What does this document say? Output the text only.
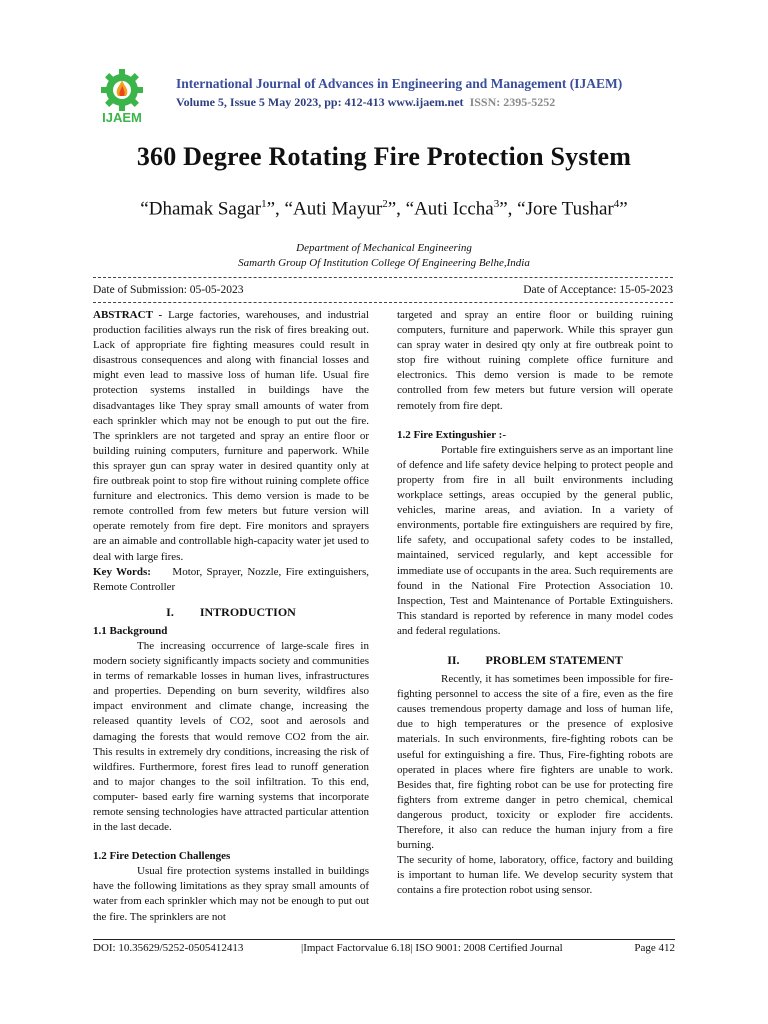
IJAEM
International Journal of Advances in Engineering and Management (IJAEM)
Volume 5, Issue 5 May 2023, pp: 412-413 www.ijaem.net ISSN: 2395-5252
360 Degree Rotating Fire Protection System
“Dhamak Sagar$^1$”, “Auti Mayur$^2$”, “Auti Iccha$^3$”, “Jore Tushar$^4$”
Department of Mechanical Engineering
Samarth Group Of Institution College Of Engineering Belhe,India
Date of Submission: 05-05-2023	Date of Acceptance: 15-05-2023

ABSTRACT - Large factories, warehouses, and industrial production facilities always run the risk of fires breaking out. Lack of appropriate fire fighting measures could result in disastrous consequences and along with financial losses and might even lead to massive loss of human life. Usual fire protection systems installed in buildings have the disadvantages like They spray small amounts of water from each sprinkler which may not be enough to put out the fire. The sprinklers are not targeted and spray an entire floor or building ruining computers, furniture and paperwork. While this sprayer gun can spray water in desired quantity only at fire outbreak point to stop fire without ruining complete office furniture and electronics. This demo version is made to be remote controlled from few meters but future version will operate remotely from fire dept. Fire monitors and sprayers are an aimable and controllable high-capacity water jet used to deal with large fires.

Key Words: Motor, Sprayer, Nozzle, Fire extinguishers, Remote Controller

I. INTRODUCTION

1.1 Background

The increasing occurrence of large-scale fires in modern society significantly impacts society and communities in terms of remarkable losses in human lives, infrastructures and properties. Depending on burn severity, wildfires also impact environment and climate change, increasing the released quantity levels of CO2, soot and aerosols and damaging the forests that would remove CO2 from the air. This results in extremely dry conditions, increasing the risk of wildfires. Furthermore, forest fires lead to runoff generation and to major changes to the soil infiltration. To this end, computer- based early fire warning systems that incorporate remote sensing technologies have attracted particular attention in the last decade.

1.2 Fire Detection Challenges

Usual fire protection systems installed in buildings have the following limitations as they spray small amounts of water from each sprinkler which may not be enough to put out the fire. The sprinklers are not

targeted and spray an entire floor or building ruining computers, furniture and paperwork. While this sprayer gun can spray water in desired qty only at fire outbreak point to stop fire without ruining complete office furniture and electronics. This demo version is made to be remote controlled from few meters but future version will operate remotely from fire dept.

1.2 Fire Extingushier :-

Portable fire extinguishers serve as an important line of defence and life safety device helping to protect people and property from fire in all built environments including workplace settings, areas occupied by the general public, vehicles, marine areas, and aviation. In a variety of environments, portable fire extinguishers are required by fire, life safety, and occupational safety codes to be installed, maintained, serviced regularly, and kept accessible for immediate use of occupants in the area. Such requirements are found in the National Fire Protection Association 10. Inspection, Test and Maintenance of Portable Extinguishers. This standard is reported by reference in many model codes and federal regulations.

II. PROBLEM STATEMENT

Recently, it has sometimes been impossible for fire-fighting personnel to access the site of a fire, even as the fire causes tremendous property damage and loss of human life, due to high temperatures or the presence of explosive materials. In such environments, fire-fighting robots can be useful for extinguishing a fire. Thus, Fire-fighting robots are operated in places where fire fighters are unable to work. Besides that, fire fighting robot can be use for protecting fire fighters from extreme danger in petro chemical, chemical dangerous product, toxicity or exploder fire accidents. Therefore, it also can reduce the human injury from a fire burning.

The security of home, laboratory, office, factory and building is important to human life. We develop security system that contains a fire protection robot using sensor.

DOI: 10.35629/5252-0505412413	|Impact Factorvalue 6.18| ISO 9001: 2008 Certified Journal	Page 412
